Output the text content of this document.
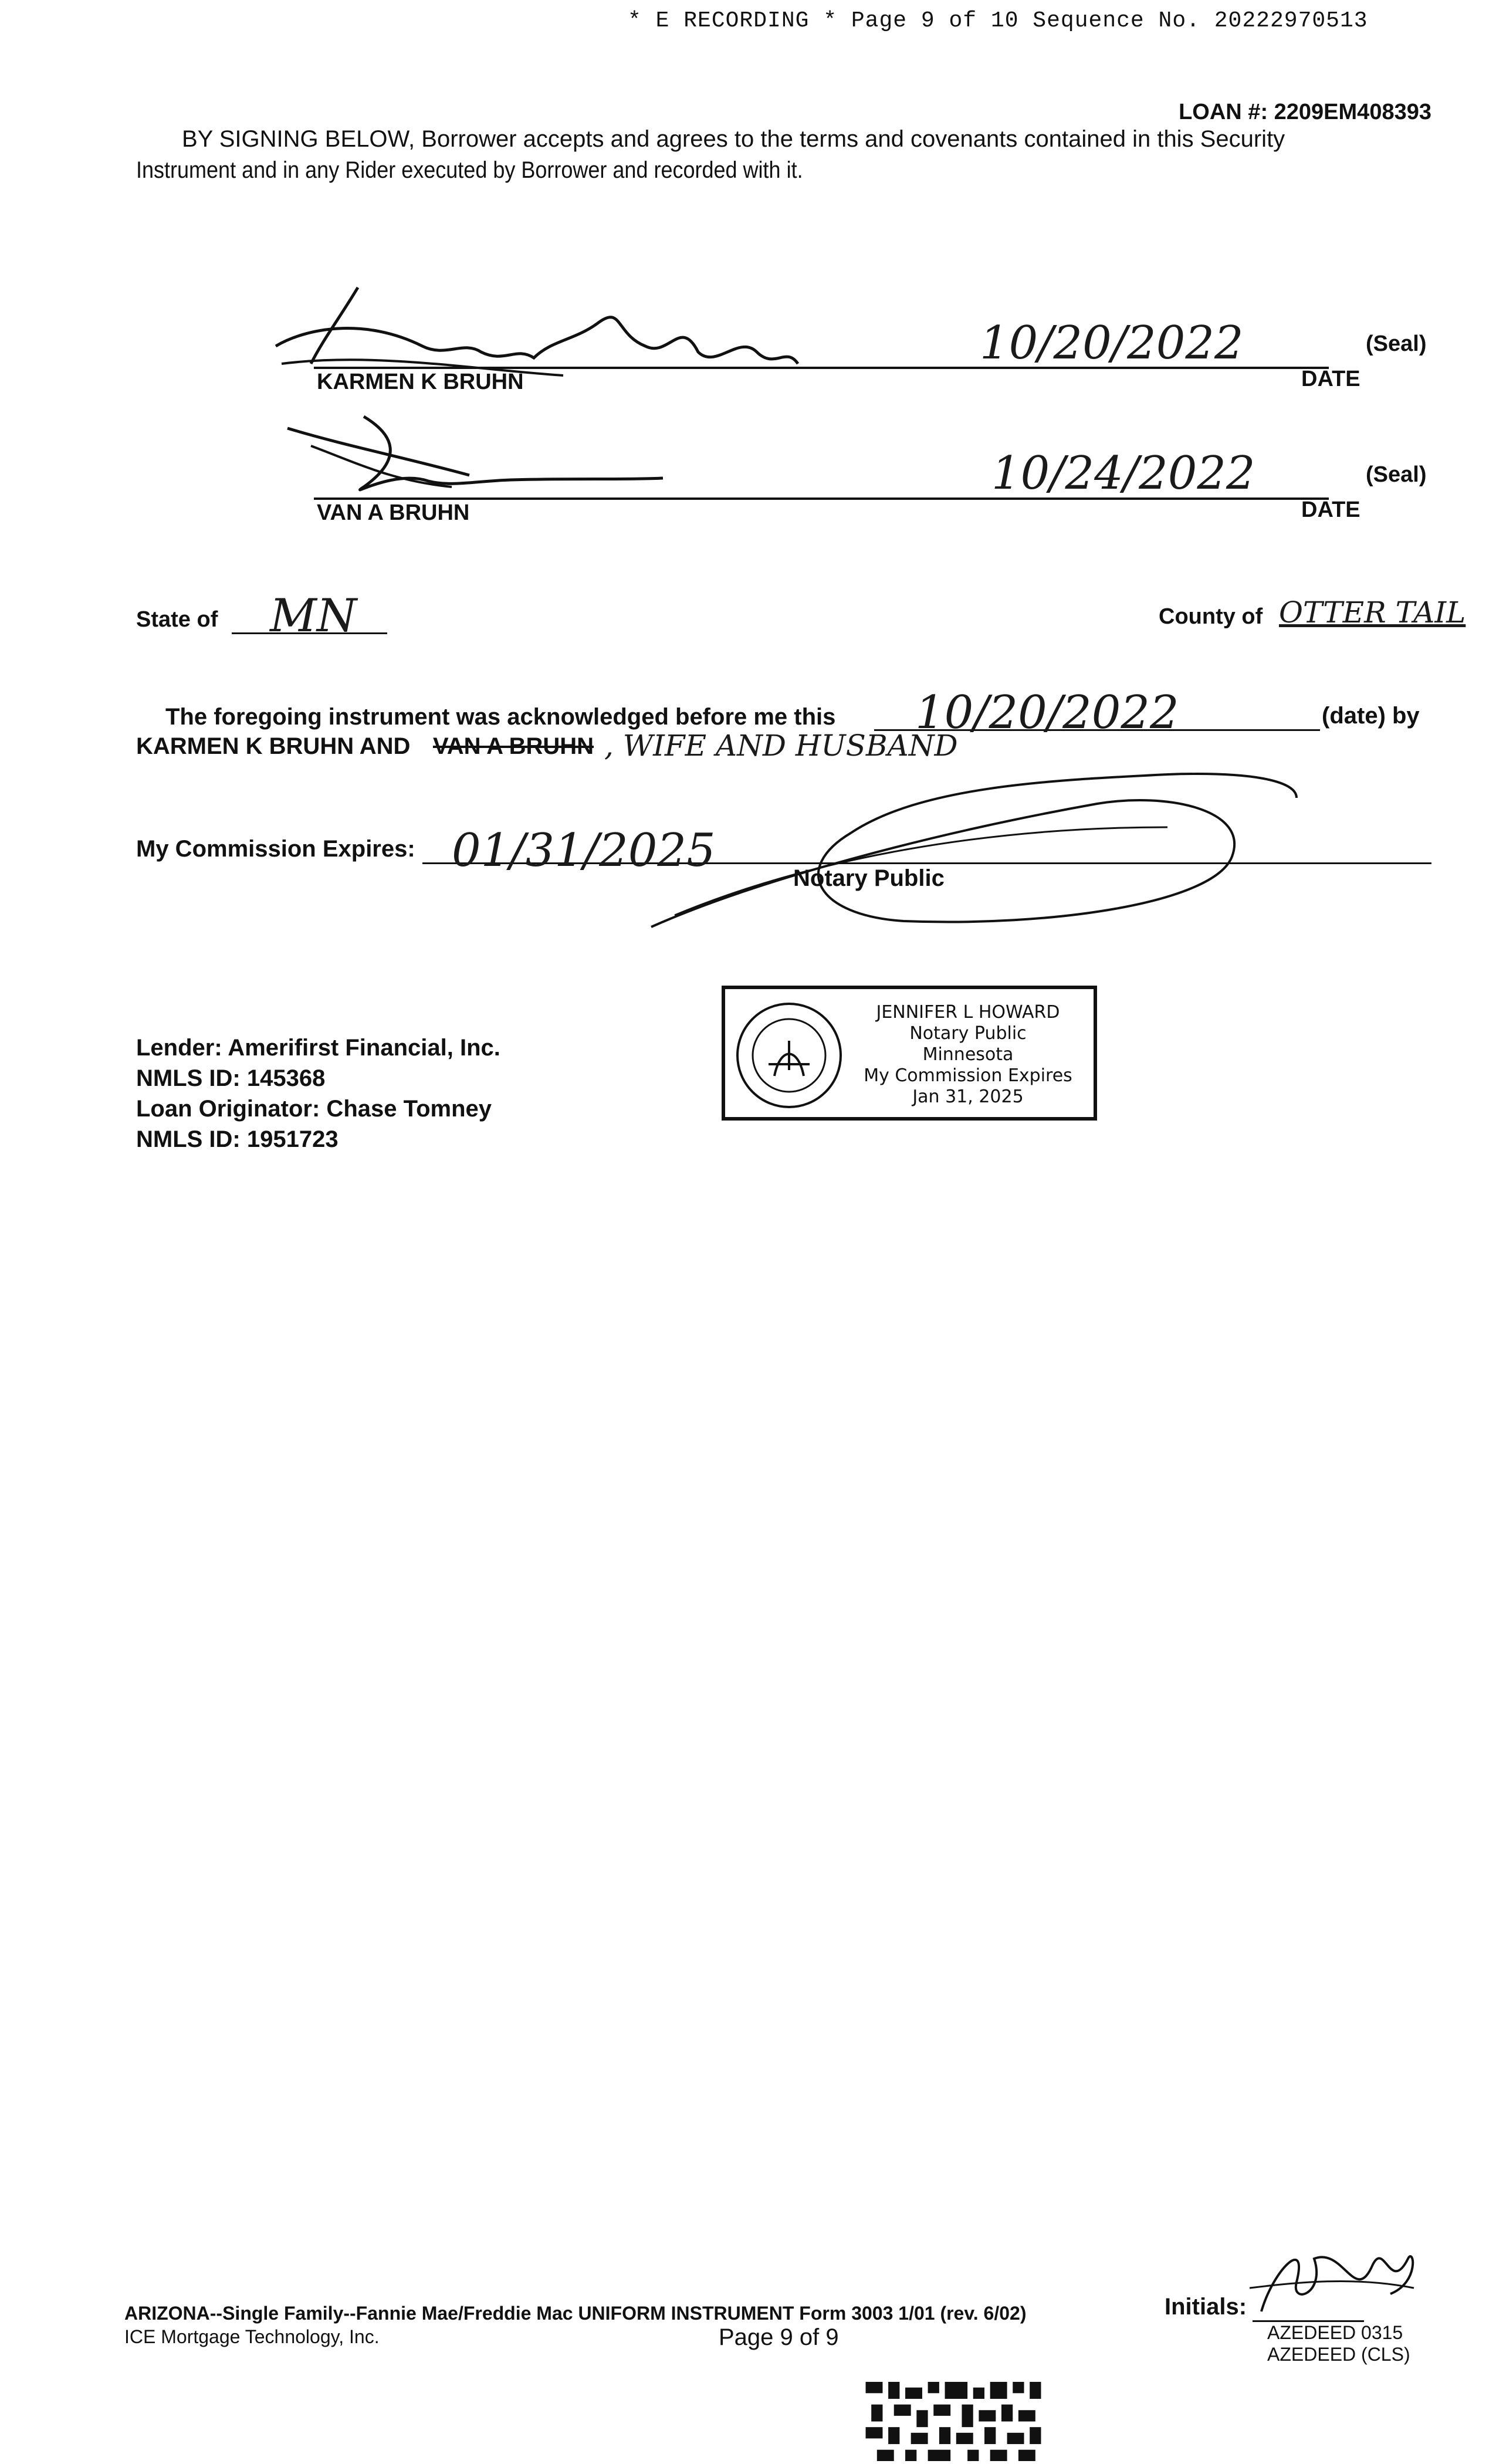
* E RECORDING * Page 9 of 10 Sequence No. 20222970513
LOAN #: 2209EM408393
BY SIGNING BELOW, Borrower accepts and agrees to the terms and covenants contained in this Security
Instrument and in any Rider executed by Borrower and recorded with it.
10/20/2022	(Seal)
KARMEN K BRUHN	DATE
10/24/2022	(Seal)
VAN A BRUHN	DATE
State of MN	County of OTTER TAIL
The foregoing instrument was acknowledged before me this 10/20/2022	(date) by
KARMEN K BRUHN AND VAN A BRUHN , WIFE AND HUSBAND
My Commission Expires: 01/31/2025
Notary Public
JENNIFER L HOWARD
Notary Public
Minnesota
My Commission Expires
Jan 31, 2025
Lender: Amerifirst Financial, Inc.
NMLS ID: 145368
Loan Originator: Chase Tomney
NMLS ID: 1951723
ARIZONA--Single Family--Fannie Mae/Freddie Mac UNIFORM INSTRUMENT Form 3003 1/01 (rev. 6/02)
ICE Mortgage Technology, Inc.	Page 9 of 9
Initials:
AZEDEED 0315
AZEDEED (CLS)
